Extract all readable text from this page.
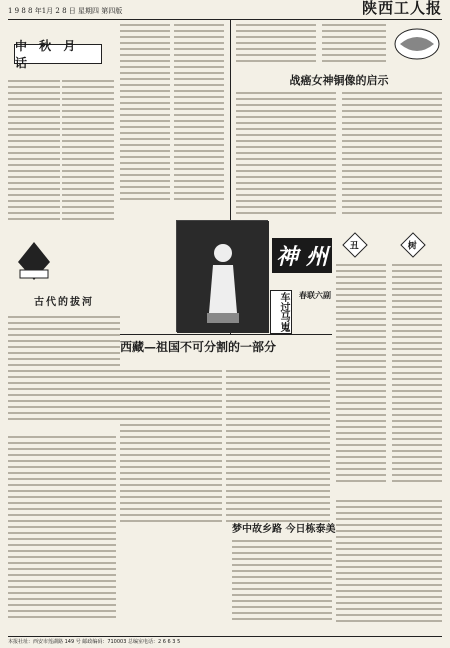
1 9 8 8 年1月 2 8 日 星期四 第四版	陕西工人报
中 秋 月 话
古代的拔河
战癌女神铜像的启示
神 州	丑	树
西藏—祖国不可分割的一部分
车过马嵬	春联六副
梦中故乡路 今日栋泰美
本报社址：西安市莲湖路 149 号 邮政编码：710003 总编室电话：2 6 6 3 5
